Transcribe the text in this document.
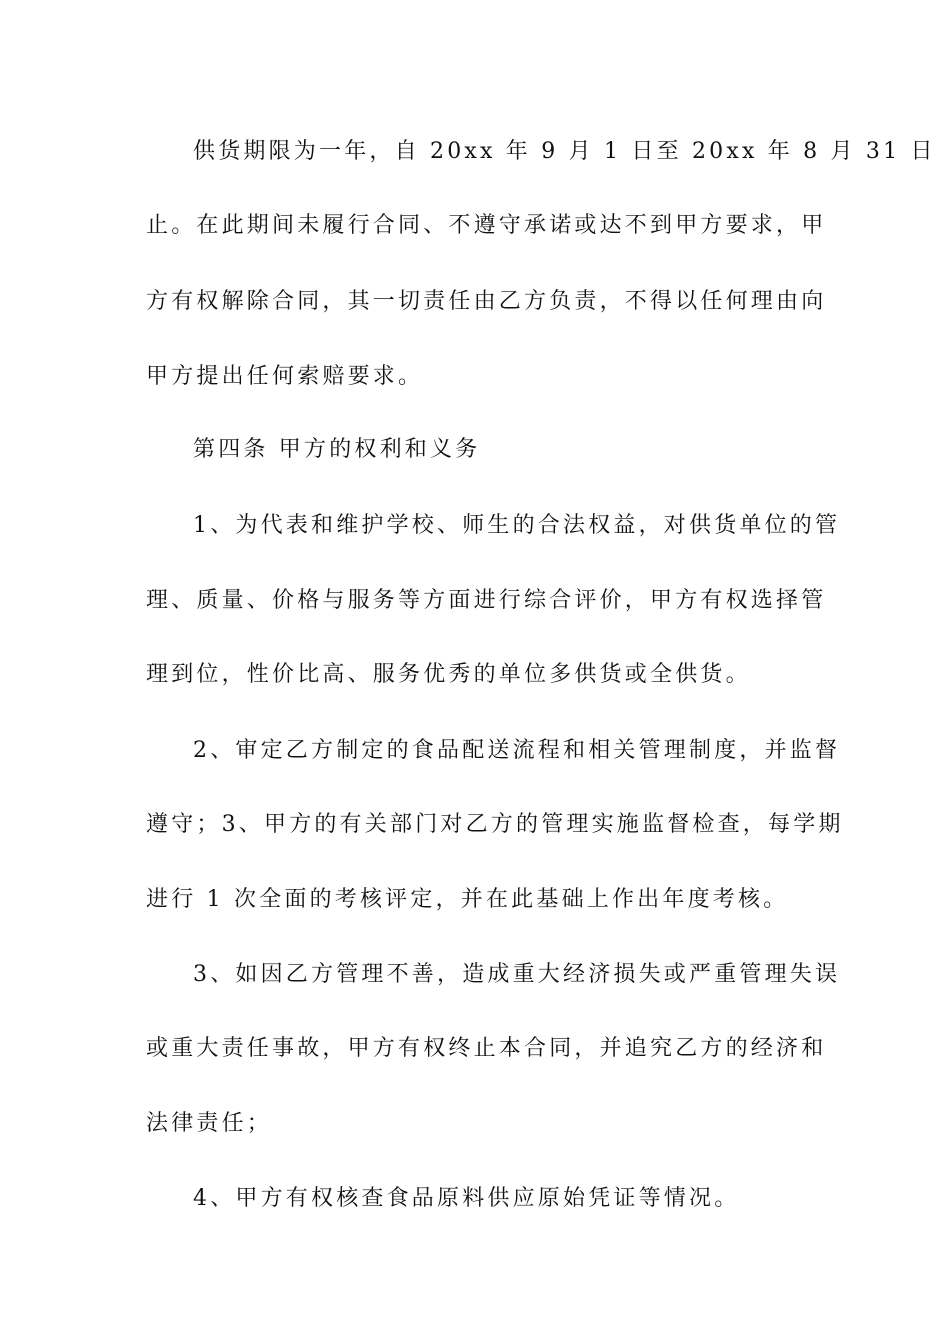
供货期限为一年，自 20xx 年 9 月 1 日至 20xx 年 8 月 31 日

止。在此期间未履行合同、不遵守承诺或达不到甲方要求，甲

方有权解除合同，其一切责任由乙方负责，不得以任何理由向

甲方提出任何索赔要求。

第四条 甲方的权利和义务

1、为代表和维护学校、师生的合法权益，对供货单位的管

理、质量、价格与服务等方面进行综合评价，甲方有权选择管

理到位，性价比高、服务优秀的单位多供货或全供货。

2、审定乙方制定的食品配送流程和相关管理制度，并监督

遵守；3、甲方的有关部门对乙方的管理实施监督检查，每学期

进行 1 次全面的考核评定，并在此基础上作出年度考核。

3、如因乙方管理不善，造成重大经济损失或严重管理失误

或重大责任事故，甲方有权终止本合同，并追究乙方的经济和

法律责任；

4、甲方有权核查食品原料供应原始凭证等情况。
